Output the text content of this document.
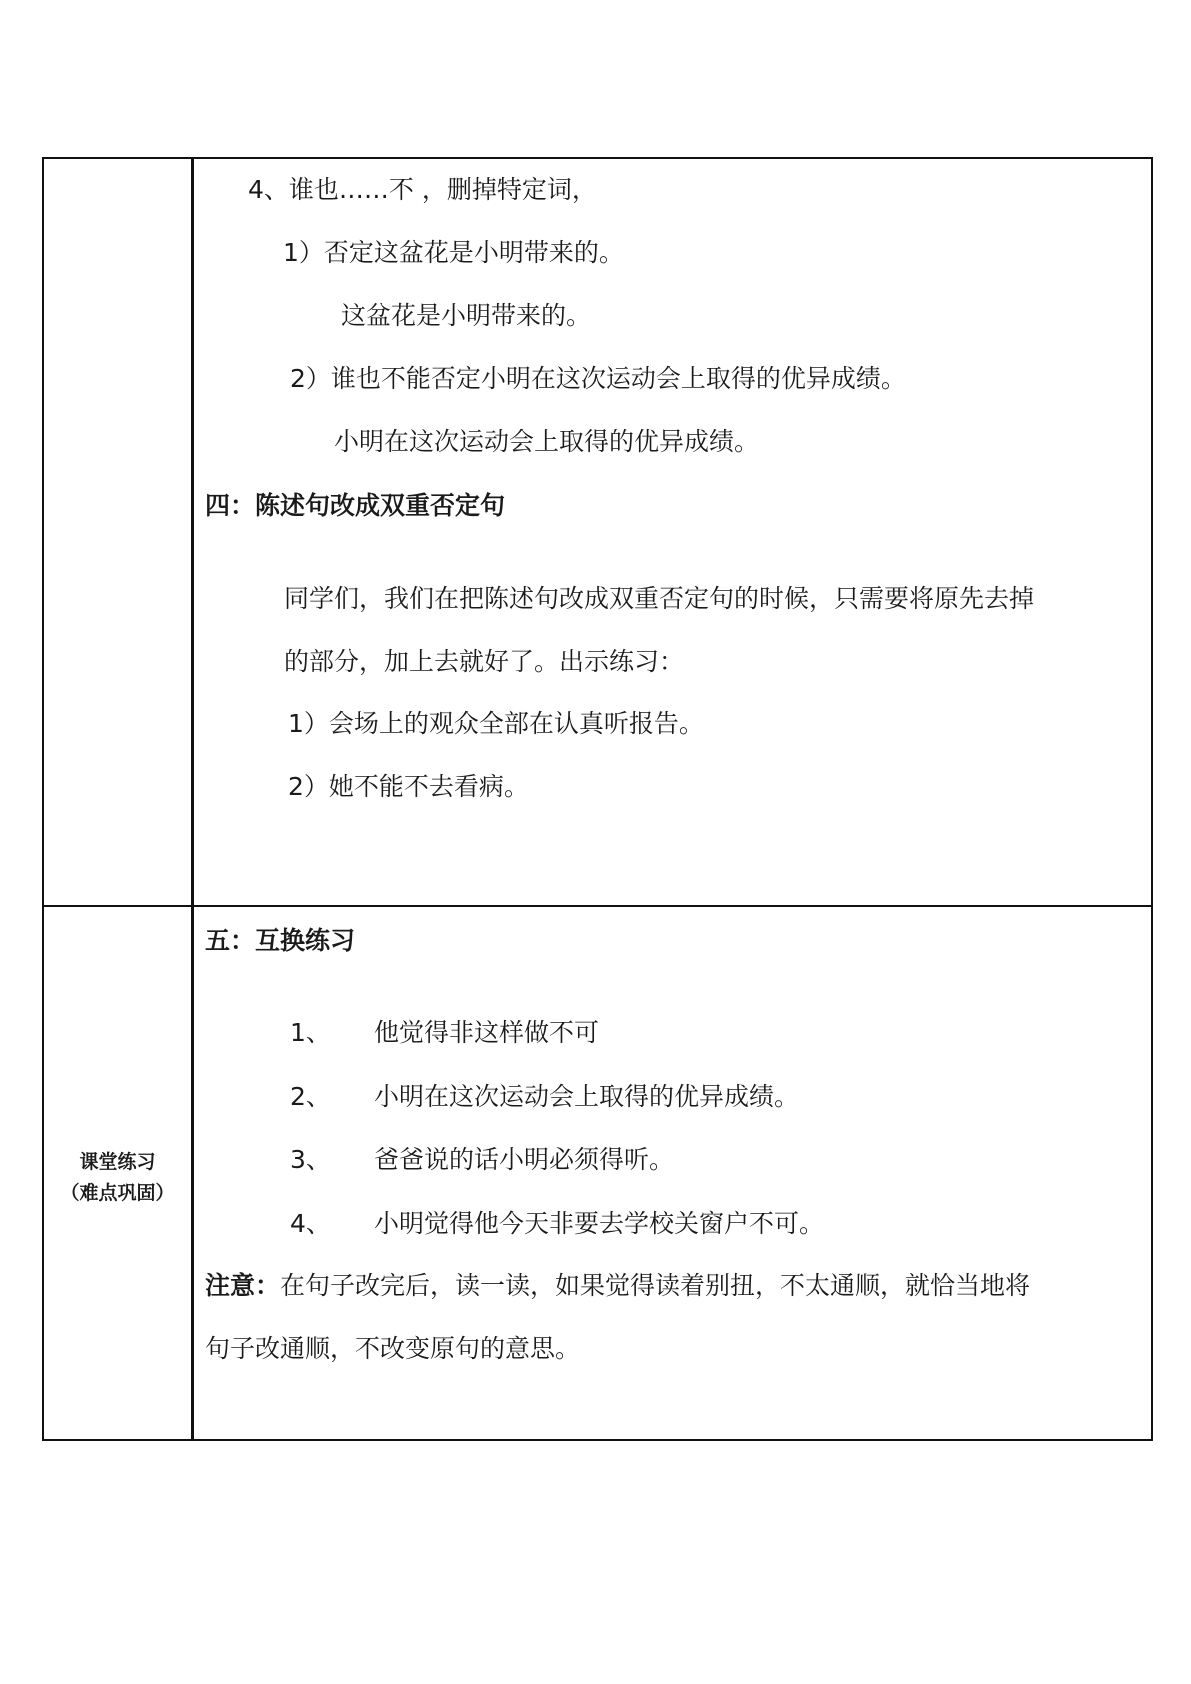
4、谁也……不 ，删掉特定词，
1）否定这盆花是小明带来的。
这盆花是小明带来的。
2）谁也不能否定小明在这次运动会上取得的优异成绩。
小明在这次运动会上取得的优异成绩。
四：陈述句改成双重否定句
同学们，我们在把陈述句改成双重否定句的时候，只需要将原先去掉
的部分，加上去就好了。出示练习：
1）会场上的观众全部在认真听报告。
2）她不能不去看病。
课堂练习
（难点巩固）
五：互换练习
1、 他觉得非这样做不可
2、 小明在这次运动会上取得的优异成绩。
3、 爸爸说的话小明必须得听。
4、 小明觉得他今天非要去学校关窗户不可。
注意：在句子改完后，读一读，如果觉得读着别扭，不太通顺，就恰当地将
句子改通顺，不改变原句的意思。
